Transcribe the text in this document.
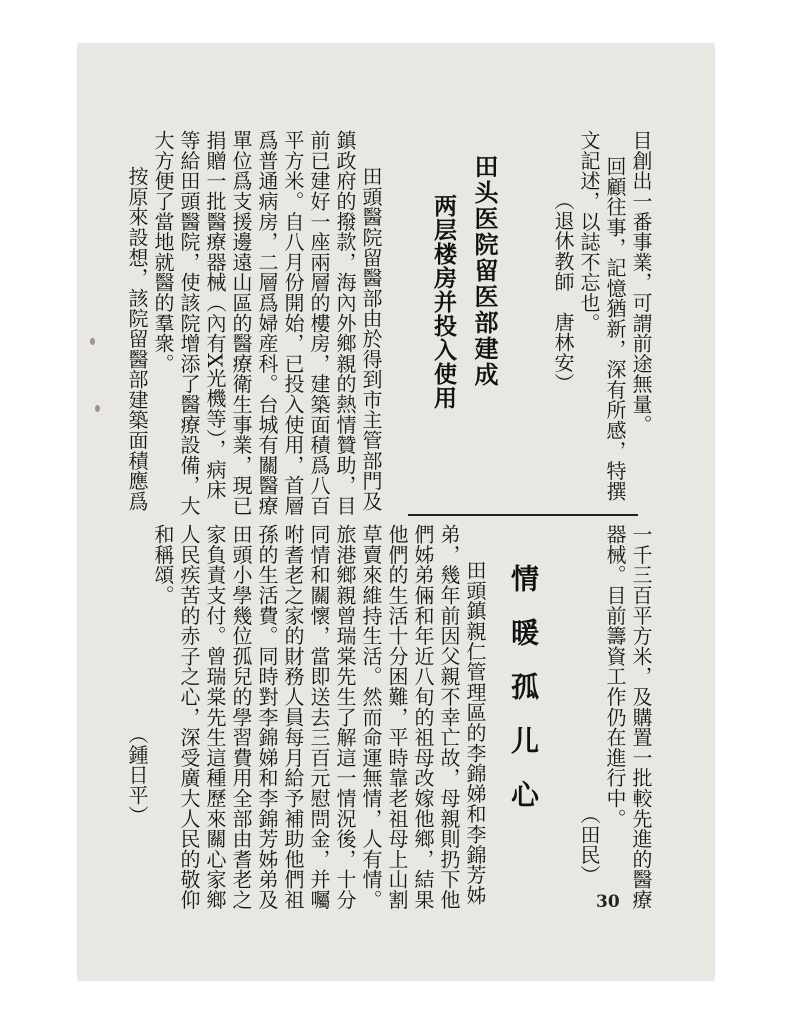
目創出一番事業，可謂前途無量。
回顧往事，記憶猶新，深有所感，特撰
文記述，以誌不忘也。
（退休教師　唐林安）
田头医院留医部建成
两层楼房并投入使用
田頭醫院留醫部由於得到市主管部門及
鎮政府的撥款，海內外鄉親的熱情贊助，目
前已建好一座兩層的樓房，建築面積爲八百
平方米。自八月份開始，已投入使用，首層
爲普通病房，二層爲婦産科。台城有關醫療
單位爲支援邊遠山區的醫療衛生事業，現已
捐贈一批醫療器械（內有X光機等），病床
等給田頭醫院，使該院增添了醫療設備，大
大方便了當地就醫的羣衆。
按原來設想，該院留醫部建築面積應爲
一千三百平方米，及購置一批較先進的醫療
器械。目前籌資工作仍在進行中。
（田民）
情暖孤儿心
田頭鎮親仁管理區的李錦娣和李錦芳姊
弟，幾年前因父親不幸亡故，母親則扔下他
們姊弟倆和年近八旬的祖母改嫁他鄉，結果
他們的生活十分困難，平時靠老祖母上山割
草賣來維持生活。然而命運無情，人有情。
旅港鄉親曾瑞棠先生了解這一情況後，十分
同情和關懷，當即送去三百元慰問金，并囑
咐耆老之家的財務人員每月給予補助他們祖
孫的生活費。同時對李錦娣和李錦芳姊弟及
田頭小學幾位孤兒的學習費用全部由耆老之
家負責支付。曾瑞棠先生這種歷來關心家鄉
人民疾苦的赤子之心，深受廣大人民的敬仰
和稱頌。
（鍾日平）
30
